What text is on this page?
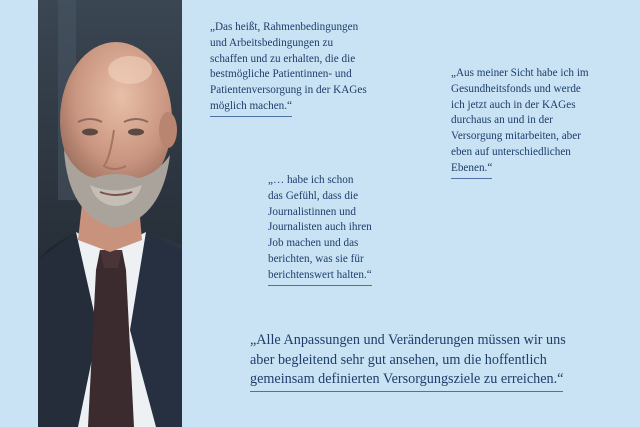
„Das heißt, Rahmenbedingungen
und Arbeitsbedingungen zu
schaffen und zu erhalten, die die
bestmögliche Patientinnen- und
Patientenversorgung in der KAGes
möglich machen.“

„Aus meiner Sicht habe ich im
Gesundheitsfonds und werde
ich jetzt auch in der KAGes
durchaus an und in der
Versorgung mitarbeiten, aber
eben auf unterschiedlichen
Ebenen.“

„… habe ich schon
das Gefühl, dass die
Journalistinnen und
Journalisten auch ihren
Job machen und das
berichten, was sie für
berichtenswert halten.“

„Alle Anpassungen und Veränderungen müssen wir uns
aber begleitend sehr gut ansehen, um die hoffentlich
gemeinsam definierten Versorgungsziele zu erreichen.“
